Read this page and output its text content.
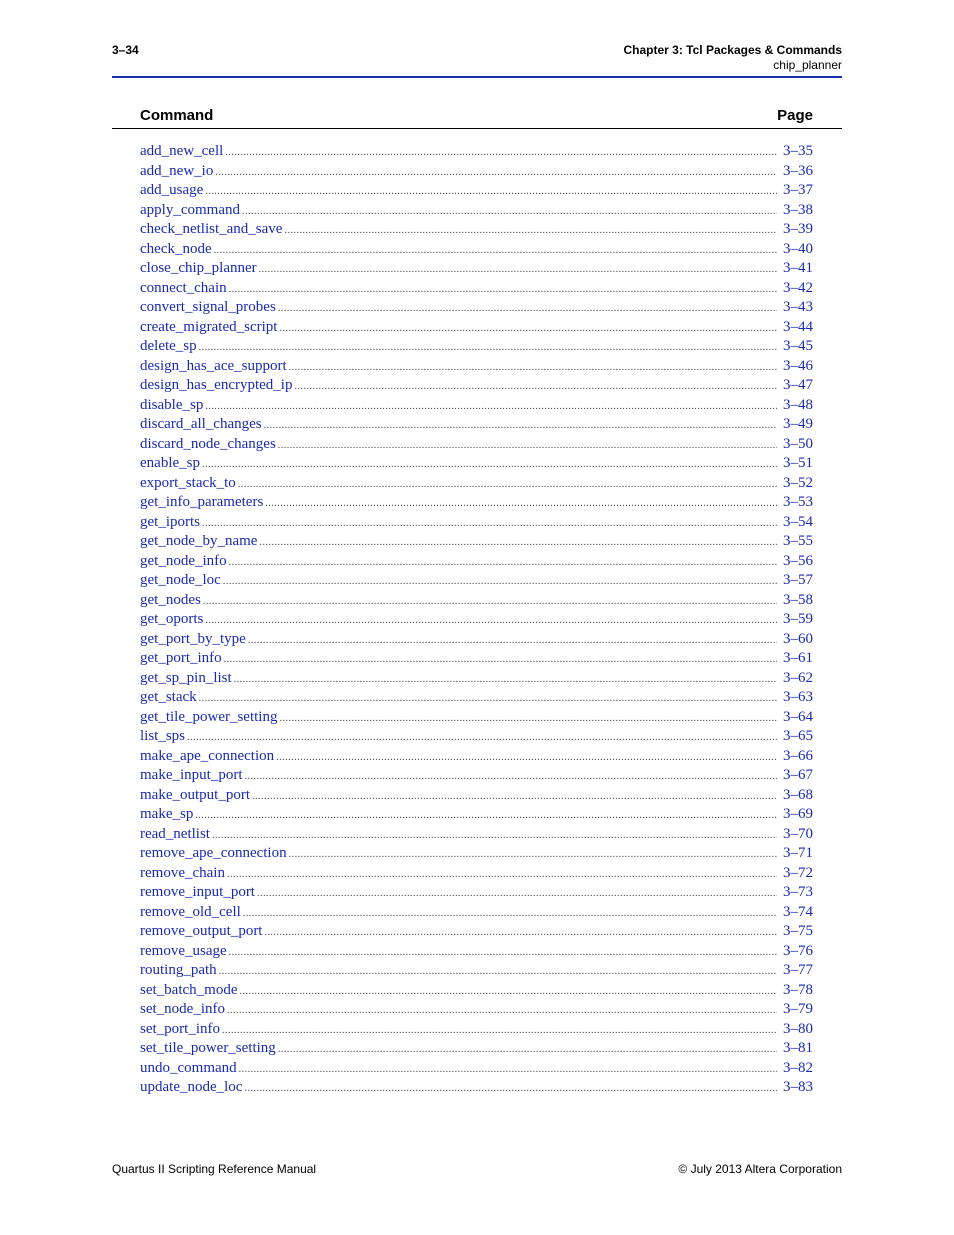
3–34	Chapter 3: Tcl Packages & Commands
chip_planner
Command	Page
add_new_cell .....	3–35
add_new_io .....	3–36
add_usage .....	3–37
apply_command .....	3–38
check_netlist_and_save .....	3–39
check_node .....	3–40
close_chip_planner .....	3–41
connect_chain .....	3–42
convert_signal_probes .....	3–43
create_migrated_script .....	3–44
delete_sp .....	3–45
design_has_ace_support .....	3–46
design_has_encrypted_ip .....	3–47
disable_sp .....	3–48
discard_all_changes .....	3–49
discard_node_changes .....	3–50
enable_sp .....	3–51
export_stack_to .....	3–52
get_info_parameters .....	3–53
get_iports .....	3–54
get_node_by_name .....	3–55
get_node_info .....	3–56
get_node_loc .....	3–57
get_nodes .....	3–58
get_oports .....	3–59
get_port_by_type .....	3–60
get_port_info .....	3–61
get_sp_pin_list .....	3–62
get_stack .....	3–63
get_tile_power_setting .....	3–64
list_sps .....	3–65
make_ape_connection .....	3–66
make_input_port .....	3–67
make_output_port .....	3–68
make_sp .....	3–69
read_netlist .....	3–70
remove_ape_connection .....	3–71
remove_chain .....	3–72
remove_input_port .....	3–73
remove_old_cell .....	3–74
remove_output_port .....	3–75
remove_usage .....	3–76
routing_path .....	3–77
set_batch_mode .....	3–78
set_node_info .....	3–79
set_port_info .....	3–80
set_tile_power_setting .....	3–81
undo_command .....	3–82
update_node_loc .....	3–83
Quartus II Scripting Reference Manual	© July 2013 Altera Corporation
